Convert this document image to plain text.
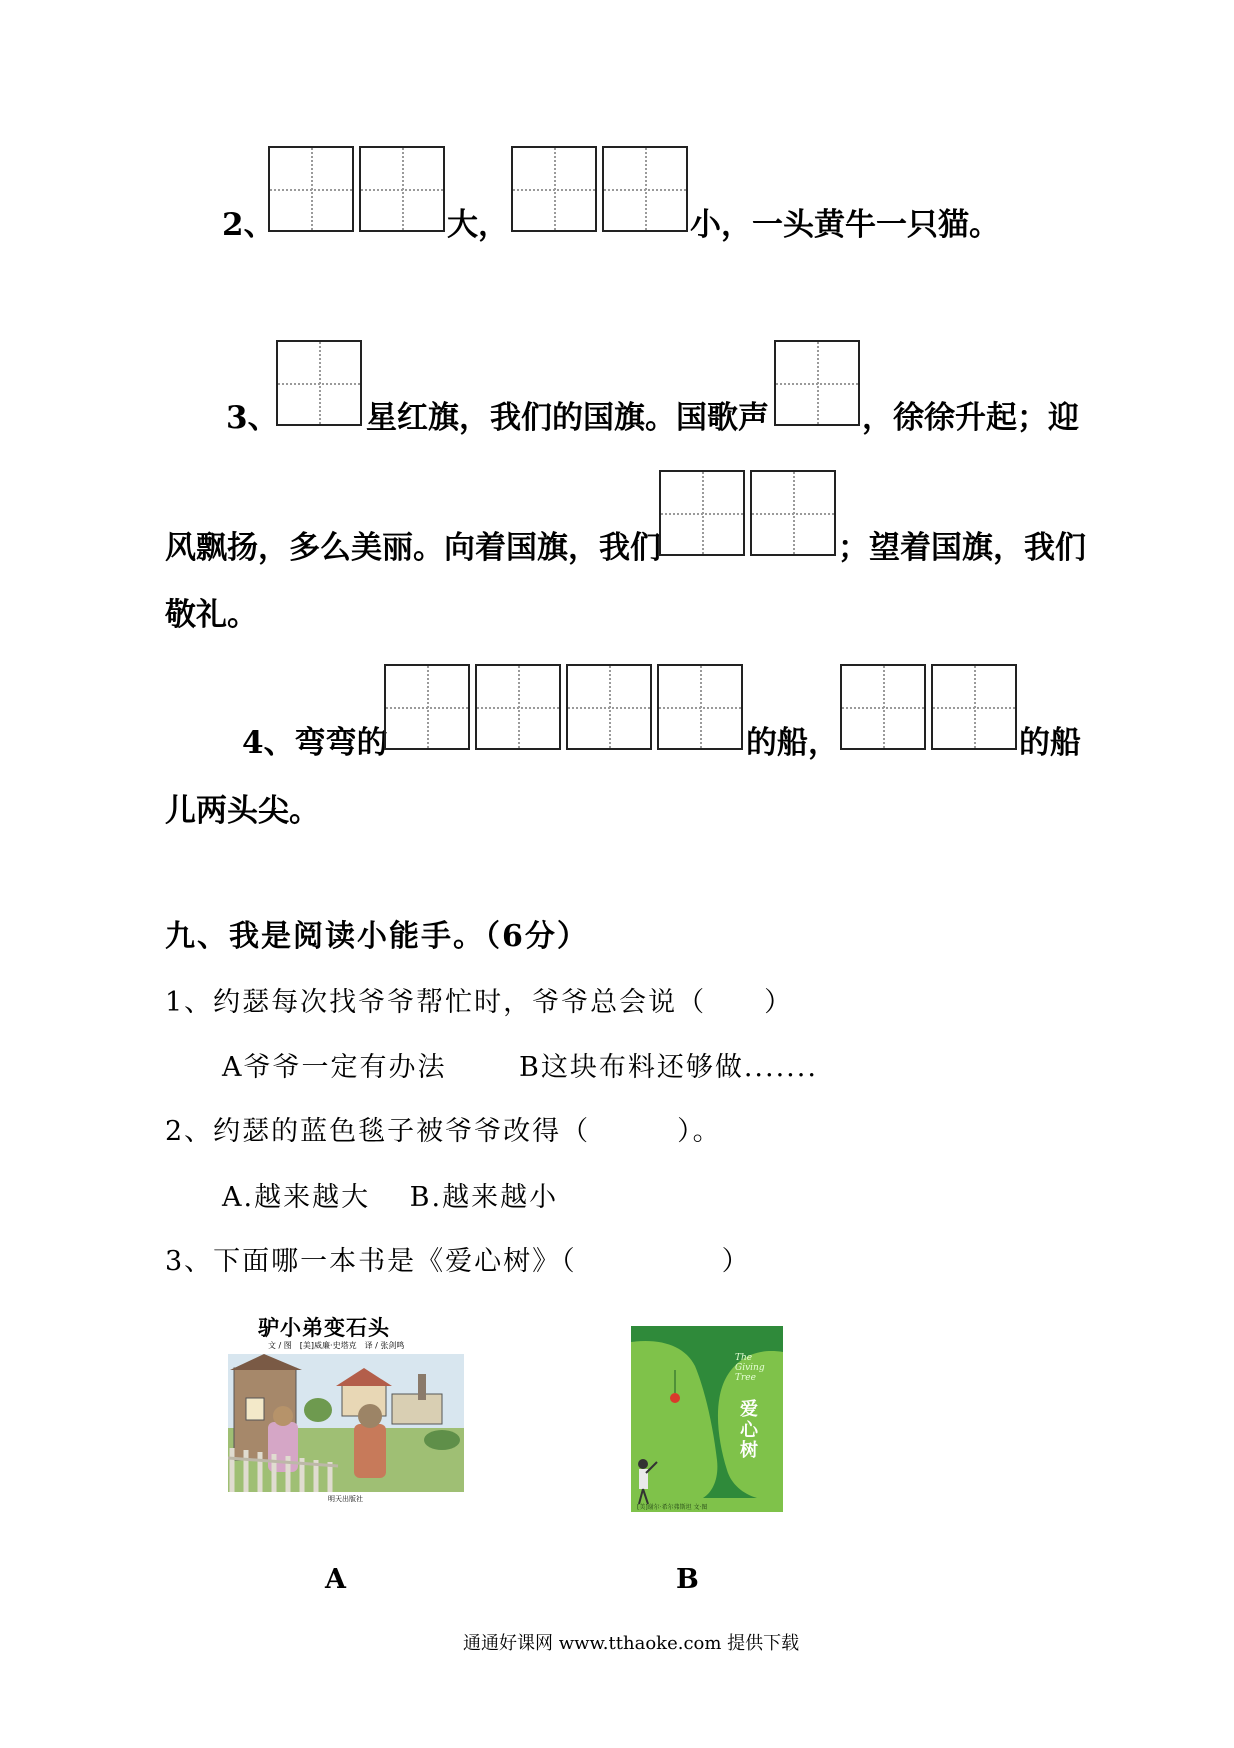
2、	大，	小，一头黄牛一只猫。
3、	星红旗，我们的国旗。国歌声	，徐徐升起；迎
风飘扬，多么美丽。向着国旗，我们	；望着国旗，我们
敬礼。
4、弯弯的	的船，	的船
儿两头尖。
九、我是阅读小能手。（6分）
1、约瑟每次找爷爷帮忙时，爷爷总会说（　　）
A爷爷一定有办法	B这块布料还够做.......
2、约瑟的蓝色毯子被爷爷改得（　　　）。
A.越来越大　 B.越来越小
3、下面哪一本书是《爱心树》（　　　　　）
驴小弟变石头
文 / 图　[美]威廉·史塔克　译 / 张剑鸣
明天出版社
The Giving Tree
爱心树
[美]谢尔·希尔弗斯坦 文·图
A	B
通通好课网 www.tthaoke.com 提供下载
